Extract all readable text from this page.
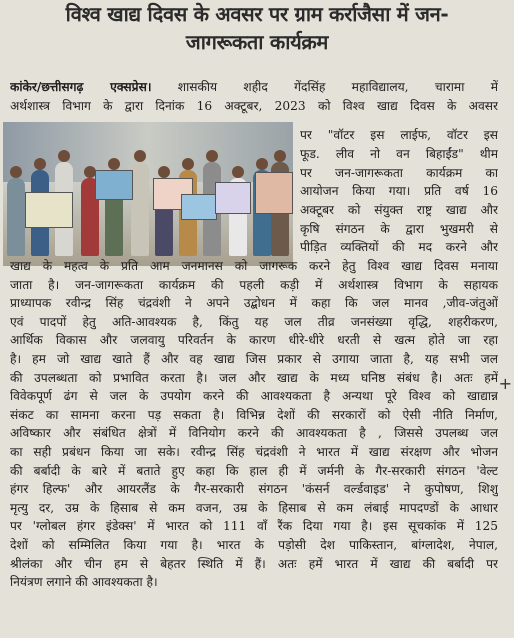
विश्व खाद्य दिवस के अवसर पर ग्राम कर्राजैसा में जन-
जागरूकता कार्यक्रम
कांकेर/छत्तीसगढ़ एक्सप्रेस। शासकीय शहीद गेंदसिंह महाविद्यालय, चारामा में
अर्थशास्त्र विभाग के द्वारा दिनांक 16 अक्टूबर, 2023 को विश्व खाद्य दिवस के अवसर
पर "वॉटर इस लाईफ, वॉटर इस
फूड. लीव नो वन बिहाईंड" थीम
पर जन-जागरूकता कार्यक्रम का
आयोजन किया गया। प्रति वर्ष 16
अक्टूबर को संयुक्त राष्ट्र खाद्य और
कृषि संगठन के द्वारा भुखमरी से
पीड़ित व्यक्तियों की मद करने और
खाद्य के महत्व के प्रति आम जनमानस को जागरूक करने हेतु विश्व खाद्य दिवस मनाया
जाता है। जन-जागरूकता कार्यक्रम की पहली कड़ी में अर्थशास्त्र विभाग के सहायक
प्राध्यापक रवीन्द्र सिंह चंद्रवंशी ने अपने उद्बोधन में कहा कि जल मानव ,जीव-जंतुओं
एवं पादपों हेतु अति-आवश्यक है, किंतु यह जल तीव्र जनसंख्या वृद्धि, शहरीकरण,
आर्थिक विकास और जलवायु परिवर्तन के कारण धीरे-धीरे धरती से खत्म होते जा रहा
है। हम जो खाद्य खाते हैं और वह खाद्य जिस प्रकार से उगाया जाता है, यह सभी जल
की उपलब्धता को प्रभावित करता है। जल और खाद्य के मध्य घनिष्ठ संबंध है। अतः हमें
विवेकपूर्ण ढंग से जल के उपयोग करने की आवश्यकता है अन्यथा पूरे विश्व को खाद्यान्न
संकट का सामना करना पड़ सकता है। विभिन्न देशों की सरकारों को ऐसी नीति निर्माण,
अविष्कार और संबंधित क्षेत्रों में विनियोग करने की आवश्यकता है , जिससे उपलब्ध जल
का सही प्रबंधन किया जा सके। रवीन्द्र सिंह चंद्रवंशी ने भारत में खाद्य संरक्षण और भोजन
की बर्बादी के बारे में बताते हुए कहा कि हाल ही में जर्मनी के गैर-सरकारी संगठन 'वेल्ट
हंगर हिल्फ' और आयरलैंड के गैर-सरकारी संगठन 'कंसर्न वर्ल्डवाइड' ने कुपोषण, शिशु
मृत्यु दर, उम्र के हिसाब से कम वजन, उम्र के हिसाब से कम लंबाई मापदण्डों के आधार
पर 'ग्लोबल हंगर इंडेक्स' में भारत को 111 वाँ रैंक दिया गया है। इस सूचकांक में 125
देशों को सम्मिलित किया गया है। भारत के पड़ोसी देश पाकिस्तान, बांग्लादेश, नेपाल,
श्रीलंका और चीन हम से बेहतर स्थिति में हैं। अतः हमें भारत में खाद्य की बर्बादी पर
नियंत्रण लगाने की आवश्यकता है।
+
